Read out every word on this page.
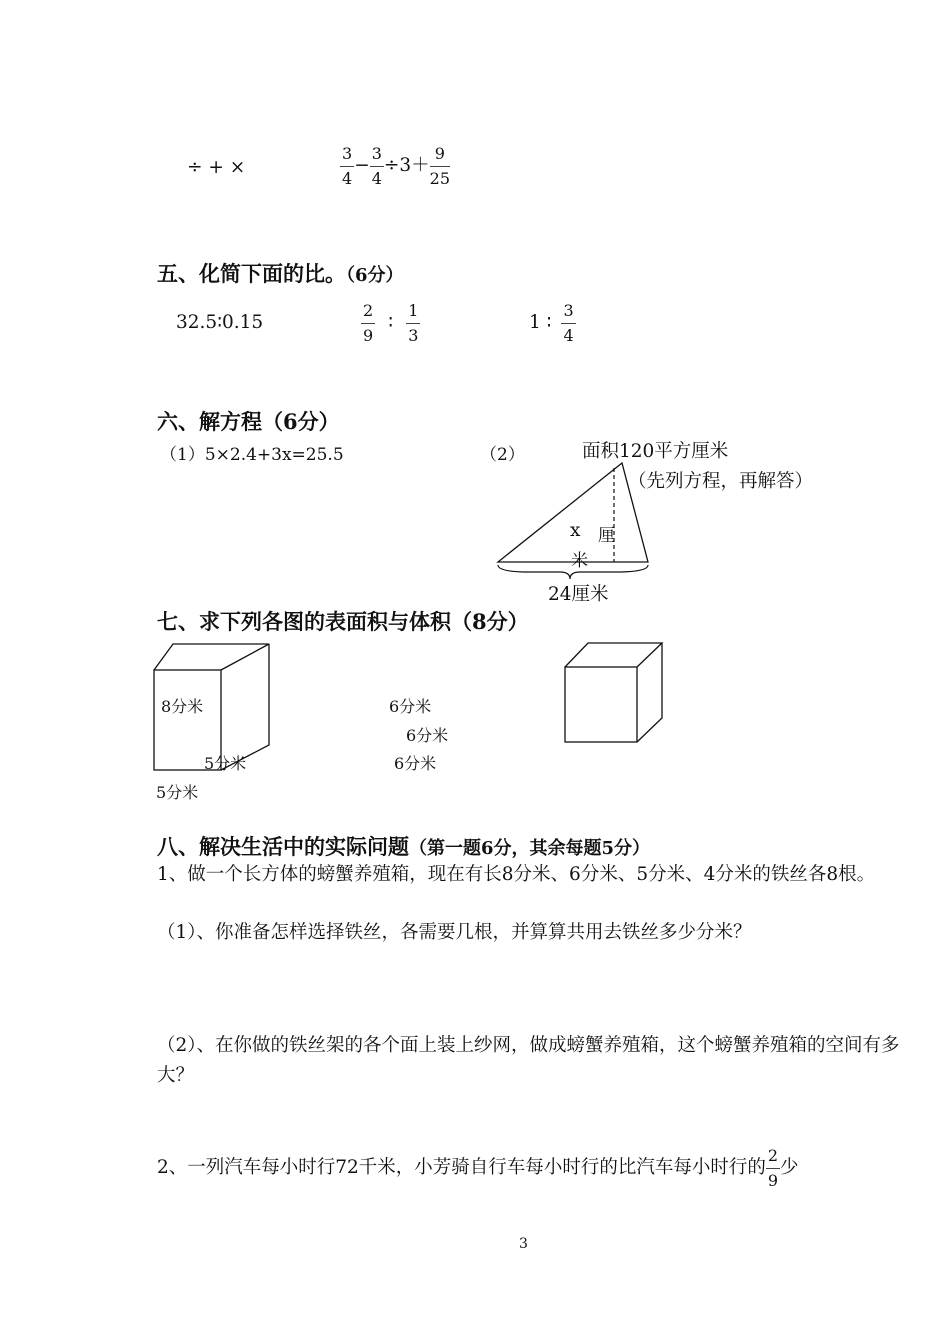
÷ + ×	$\frac{3}{4} - \frac{3}{4} \div 3+ \frac{9}{25}$
五、化简下面的比。（6分）
32.5∶0.15	$\frac{2}{9}$ ∶ $\frac{1}{3}$	1 ∶ $\frac{3}{4}$
六、解方程（6分）
（1）5×2.4+3x=25.5	（2）	面积120平方厘米
（先列方程，再解答）
x 厘
米
24厘米
七、求下列各图的表面积与体积（8分）
8分米
5分米
5分米
6分米
6分米
6分米
八、解决生活中的实际问题（第一题6分，其余每题5分）
1、做一个长方体的螃蟹养殖箱，现在有长8分米、6分米、5分米、4分米的铁丝各8根。
（1）、你准备怎样选择铁丝，各需要几根，并算算共用去铁丝多少分米？
（2）、在你做的铁丝架的各个面上装上纱网，做成螃蟹养殖箱，这个螃蟹养殖箱的空间有多大？
2、一列汽车每小时行72千米，小芳骑自行车每小时行的比汽车每小时行的 $\frac{2}{9}$ 少
3
